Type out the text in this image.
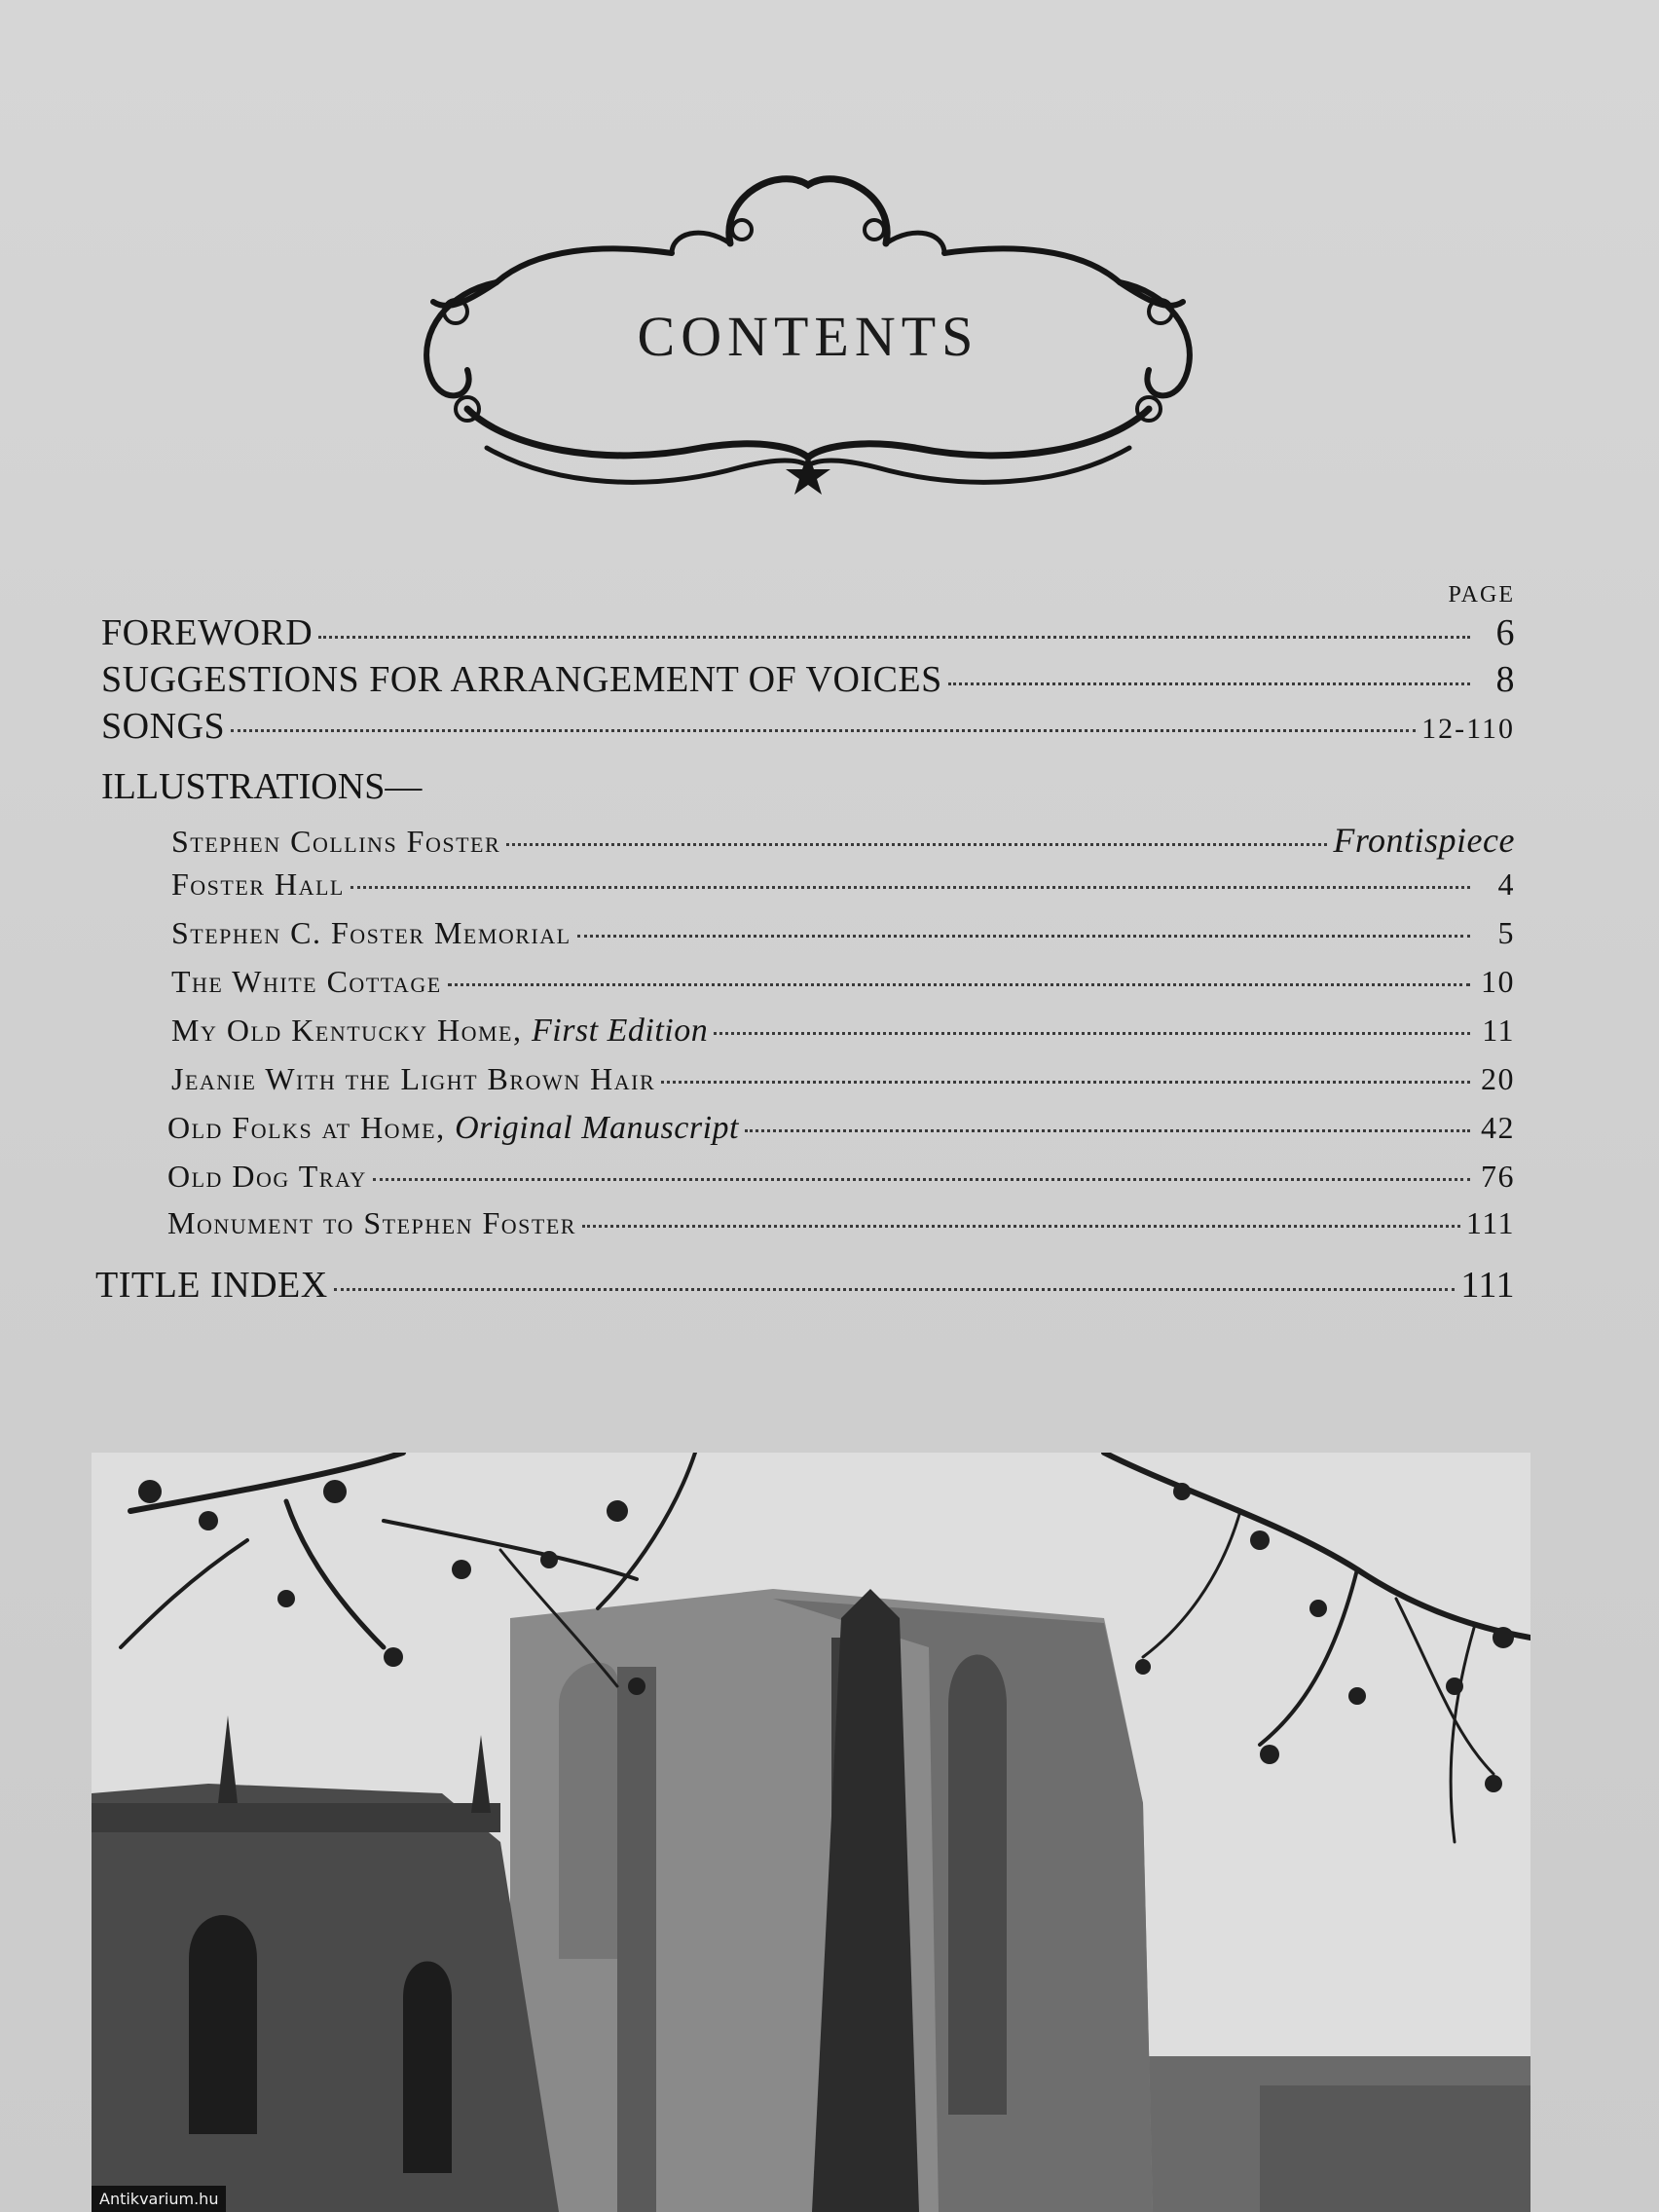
CONTENTS
PAGE
FOREWORD	6
SUGGESTIONS FOR ARRANGEMENT OF VOICES	8
SONGS	12-110
ILLUSTRATIONS—
Stephen Collins Foster	Frontispiece
Foster Hall	4
Stephen C. Foster Memorial	5
The White Cottage	10
My Old Kentucky Home, First Edition	11
Jeanie With the Light Brown Hair	20
Old Folks at Home, Original Manuscript	42
Old Dog Tray	76
Monument to Stephen Foster	111
TITLE INDEX	111
Antikvarium.hu
